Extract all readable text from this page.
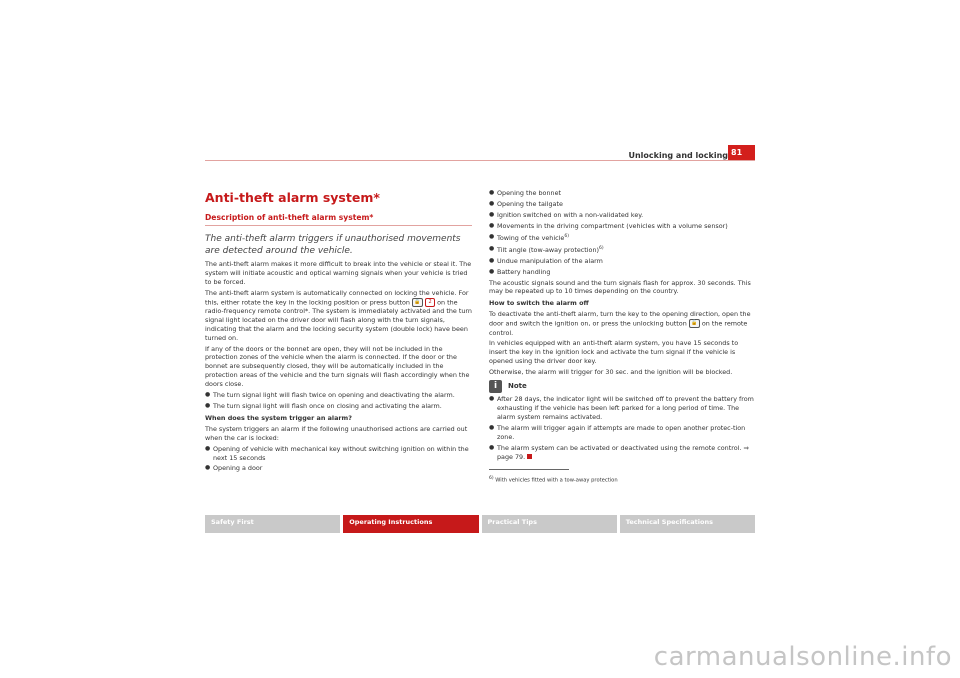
Unlocking and locking 81
Anti-theft alarm system*
Description of anti-theft alarm system*

The anti-theft alarm triggers if unauthorised movements are detected around the vehicle.

The anti-theft alarm makes it more difficult to break into the vehicle or steal it. The system will initiate acoustic and optical warning signals when your vehicle is tried to be forced.

The anti-theft alarm system is automatically connected on locking the vehicle. For this, either rotate the key in the locking position or press button 🔒 2 on the radio-frequency remote control*. The system is immediately activated and the turn signal light located on the driver door will flash along with the turn signals, indicating that the alarm and the locking security system (double lock) have been turned on.

If any of the doors or the bonnet are open, they will not be included in the protection zones of the vehicle when the alarm is connected. If the door or the bonnet are subsequently closed, they will be automatically included in the protection areas of the vehicle and the turn signals will flash accordingly when the doors close.

● The turn signal light will flash twice on opening and deactivating the alarm.
● The turn signal light will flash once on closing and activating the alarm.

When does the system trigger an alarm?

The system triggers an alarm if the following unauthorised actions are carried out when the car is locked:

● Opening of vehicle with mechanical key without switching ignition on within the next 15 seconds
● Opening a door
● Opening the bonnet
● Opening the tailgate
● Ignition switched on with a non-validated key.
● Movements in the driving compartment (vehicles with a volume sensor)
● Towing of the vehicle$^{6)}$
● Tilt angle (tow-away protection)$^{6)}$
● Undue manipulation of the alarm
● Battery handling

The acoustic signals sound and the turn signals flash for approx. 30 seconds. This may be repeated up to 10 times depending on the country.

How to switch the alarm off

To deactivate the anti-theft alarm, turn the key to the opening direction, open the door and switch the ignition on, or press the unlocking button 🔓 on the remote control.

In vehicles equipped with an anti-theft alarm system, you have 15 seconds to insert the key in the ignition lock and activate the turn signal if the vehicle is opened using the driver door key.

Otherwise, the alarm will trigger for 30 sec. and the ignition will be blocked.

i	Note
● After 28 days, the indicator light will be switched off to prevent the battery from exhausting if the vehicle has been left parked for a long period of time. The alarm system remains activated.
● The alarm will trigger again if attempts are made to open another protec-tion zone.
● The alarm system can be activated or deactivated using the remote control. ⇒ page 79.
$^{6)}$ With vehicles fitted with a tow-away protection
Safety First	Operating Instructions	Practical Tips	Technical Specifications
carmanualsonline.info
